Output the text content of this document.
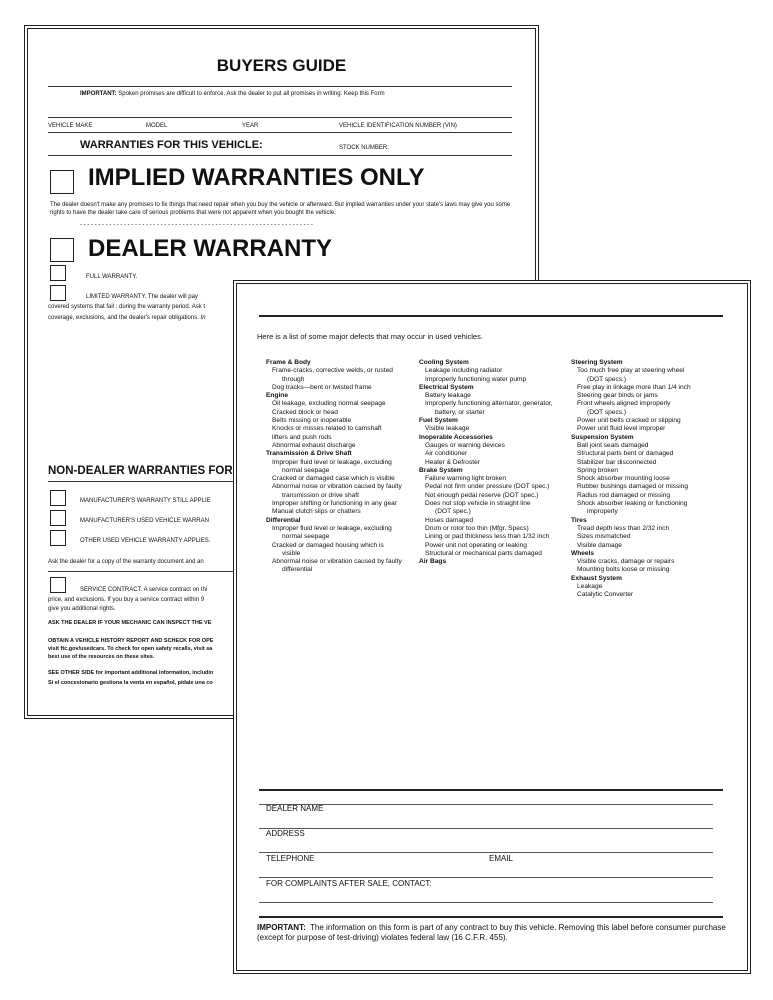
BUYERS GUIDE
IMPORTANT: Spoken promises are difficult to enforce. Ask the dealer to put all promises in writing. Keep this Form
VEHICLE MAKE	MODEL	YEAR	VEHICLE IDENTIFICATION NUMBER (VIN)
WARRANTIES FOR THIS VEHICLE:	STOCK NUMBER:
IMPLIED WARRANTIES ONLY
The dealer doesn't make any promises to fix things that need repair when you buy the vehicle or afterward. But implied warranties under your state's laws may give you some rights to have the dealer take care of serious problems that were not apparent when you bought the vehicle.
- - - - - - - - - - - - - - - - - - - - - - - - - - - - - - - - - - - - - - - - - - - - - - - - - - - - - - - - - - - - - - - -
DEALER WARRANTY
FULL WARRANTY.
LIMITED WARRANTY. The dealer will pay
covered systems that fail : during the warranty period. Ask t
coverage, exclusions, and the dealer's repair obligations. In
NON-DEALER WARRANTIES FOR
MANUFACTURER'S WARRANTY STILL APPLIE
MANUFACTURER'S USED VEHICLE WARRAN
OTHER USED VEHICLE WARRANTY APPLIES.
Ask the dealer for a copy of the warranty document and an
SERVICE CONTRACT. A service contract on thi
price, and exclusions. If you buy a service contract within 9
give you additional rights.
ASK THE DEALER IF YOUR MECHANIC CAN INSPECT THE VE
OBTAIN A VEHICLE HISTORY REPORT AND SCHECK FOR OPE
visit ftc.gov/usedcars. To check for open safety recalls, visit sa
best use of the resources on these sites.
SEE OTHER SIDE for important additional information, includin
Si el concesionario gestiona la venta en español, pídale una co
Here is a list of some major defects that may occur in used vehicles.
Frame & Body
Frame-cracks, corrective welds, or rusted
through
Dog tracks—bent or twisted frame
Engine
Oil leakage, excluding normal seepage
Cracked block or head
Belts missing or inoperable
Knocks or misses related to camshaft
lifters and push rods
Abnormal exhaust discharge
Transmission & Drive Shaft
Improper fluid level or leakage, excluding
normal seepage
Cracked or damaged case which is visible
Abnormal noise or vibration caused by faulty
transmission or drive shaft
Improper shifting or functioning in any gear
Manual clutch slips or chatters
Differential
Improper fluid level or leakage, excluding
normal seepage
Cracked or damaged housing which is
visible
Abnormal noise or vibration caused by faulty
differential
Cooling System
Leakage including radiator
Improperly functioning water pump
Electrical System
Battery leakage
Improperly functioning alternator, generator,
battery, or starter
Fuel System
Visible leakage
Inoperable Accessories
Gauges or warning devices
Air conditioner
Heater & Defroster
Brake System
Failure warning light broken
Pedal not firm under pressure (DOT spec.)
Not enough pedal reserve (DOT spec.)
Does not stop vehicle in straight line
(DOT spec.)
Hoses damaged
Drum or rotor too thin (Mfgr. Specs)
Lining or pad thickness less than 1/32 inch
Power unit not operating or leaking
Structural or mechanical parts damaged
Air Bags
Steering System
Too much free play at steering wheel
(DOT specs.)
Free play in linkage more than 1/4 inch
Steering gear binds or jams
Front wheels aligned improperly
(DOT specs.)
Power unit belts cracked or slipping
Power unit fluid level improper
Suspension System
Ball joint seals damaged
Structural parts bent or damaged
Stabilizer bar disconnected
Spring broken
Shock absorber mounting loose
Rubber bushings damaged or missing
Radius rod damaged or missing
Shock absorber leaking or functioning
improperly
Tires
Tread depth less than 2/32 inch
Sizes mismatched
Visible damage
Wheels
Visible cracks, damage or repairs
Mounting bolts loose or missing
Exhaust System
Leakage
Catalytic Converter
DEALER NAME
ADDRESS
TELEPHONE	EMAIL
FOR COMPLAINTS AFTER SALE, CONTACT:
IMPORTANT: The information on this form is part of any contract to buy this vehicle. Removing this label before consumer purchase (except for purpose of test-driving) violates federal law (16 C.F.R. 455).
